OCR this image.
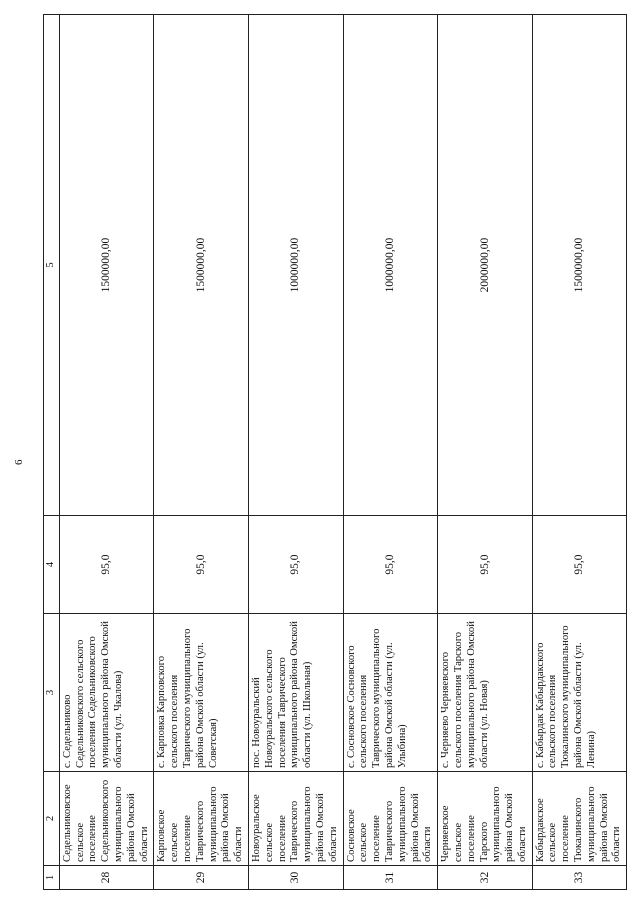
6
1	2	3	4	5
28	Седельниковское сельское поселение Седельниковского муниципального района Омской области	с. Седельниково Седельниковского сельского поселения Седельниковского муниципального района Омской области (ул. Чкалова)	95,0	1500000,00
29	Карповское сельское поселение Таврического муниципального района Омской области	с. Карповка Карповского сельского поселения Таврического муниципального района Омской области (ул. Советская)	95,0	1500000,00
30	Новоуральское сельское поселение Таврического муниципального района Омской области	пос. Новоуральский Новоуральского сельского поселения Таврического муниципального района Омской области (ул. Школьная)	95,0	1000000,00
31	Сосновское сельское поселение Таврического муниципального района Омской области	с. Сосновское Сосновского сельского поселения Таврического муниципального района Омской области (ул. Улыбина)	95,0	1000000,00
32	Черняевское сельское поселение Тарского муниципального района Омской области	с. Черняево Черняевского сельского поселения Тарского муниципального района Омской области (ул. Новая)	95,0	2000000,00
33	Кабырдакское сельское поселение Тюкалинского муниципального района Омской области	с. Кабырдак Кабырдакского сельского поселения Тюкалинского муниципального района Омской области (ул. Ленина)	95,0	1500000,00
